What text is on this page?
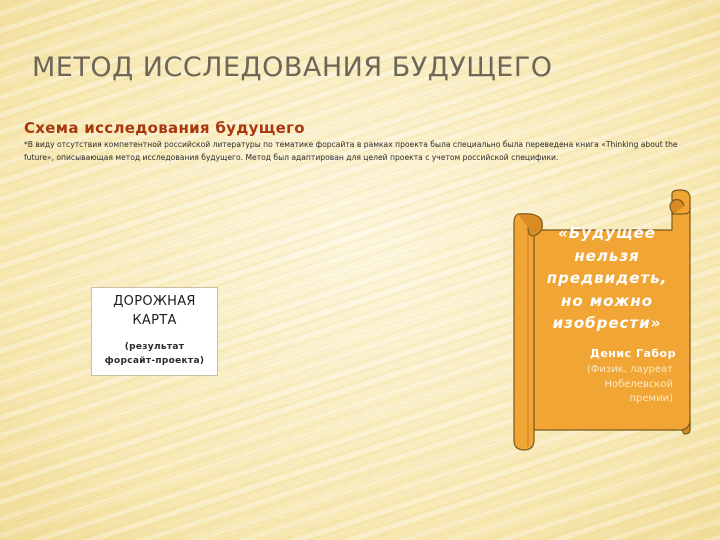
МЕТОД ИССЛЕДОВАНИЯ БУДУЩЕГО
Схема исследования будущего
*В виду отсутствия компетентной российской литературы по тематике форсайта в рамках проекта была специально была переведена книга «Thinking about the future», описывающая метод исследования будущего. Метод был адаптирован для целей проекта с учетом российской специфики.
ДОРОЖНАЯ
КАРТА
(результат
форсайт-проекта)
«Будущее
нельзя
предвидеть,
но можно
изобрести»
Денис Габор
(Физик, лауреат
Нобелевской
премии)
